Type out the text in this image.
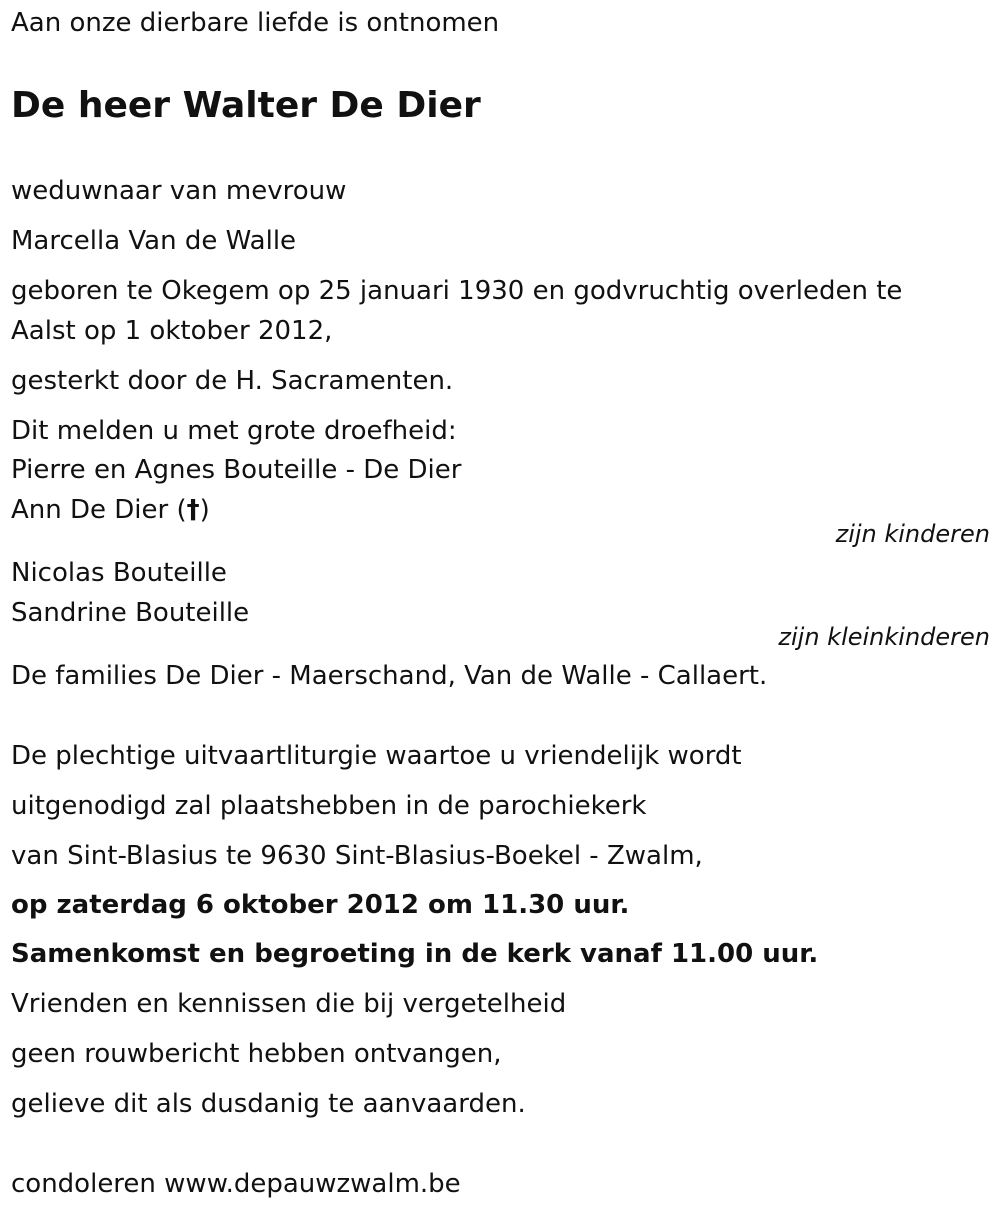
Aan onze dierbare liefde is ontnomen

De heer Walter De Dier

weduwnaar van mevrouw

Marcella Van de Walle

geboren te Okegem op 25 januari 1930 en godvruchtig overleden te

Aalst op 1 oktober 2012,

gesterkt door de H. Sacramenten.

Dit melden u met grote droefheid:

Pierre en Agnes Bouteille - De Dier

Ann De Dier (†)

zijn kinderen

Nicolas Bouteille

Sandrine Bouteille

zijn kleinkinderen

De families De Dier - Maerschand, Van de Walle - Callaert.

De plechtige uitvaartliturgie waartoe u vriendelijk wordt

uitgenodigd zal plaatshebben in de parochiekerk

van Sint-Blasius te 9630 Sint-Blasius-Boekel - Zwalm,

op zaterdag 6 oktober 2012 om 11.30 uur.

Samenkomst en begroeting in de kerk vanaf 11.00 uur.

Vrienden en kennissen die bij vergetelheid

geen rouwbericht hebben ontvangen,

gelieve dit als dusdanig te aanvaarden.

condoleren www.depauwzwalm.be
